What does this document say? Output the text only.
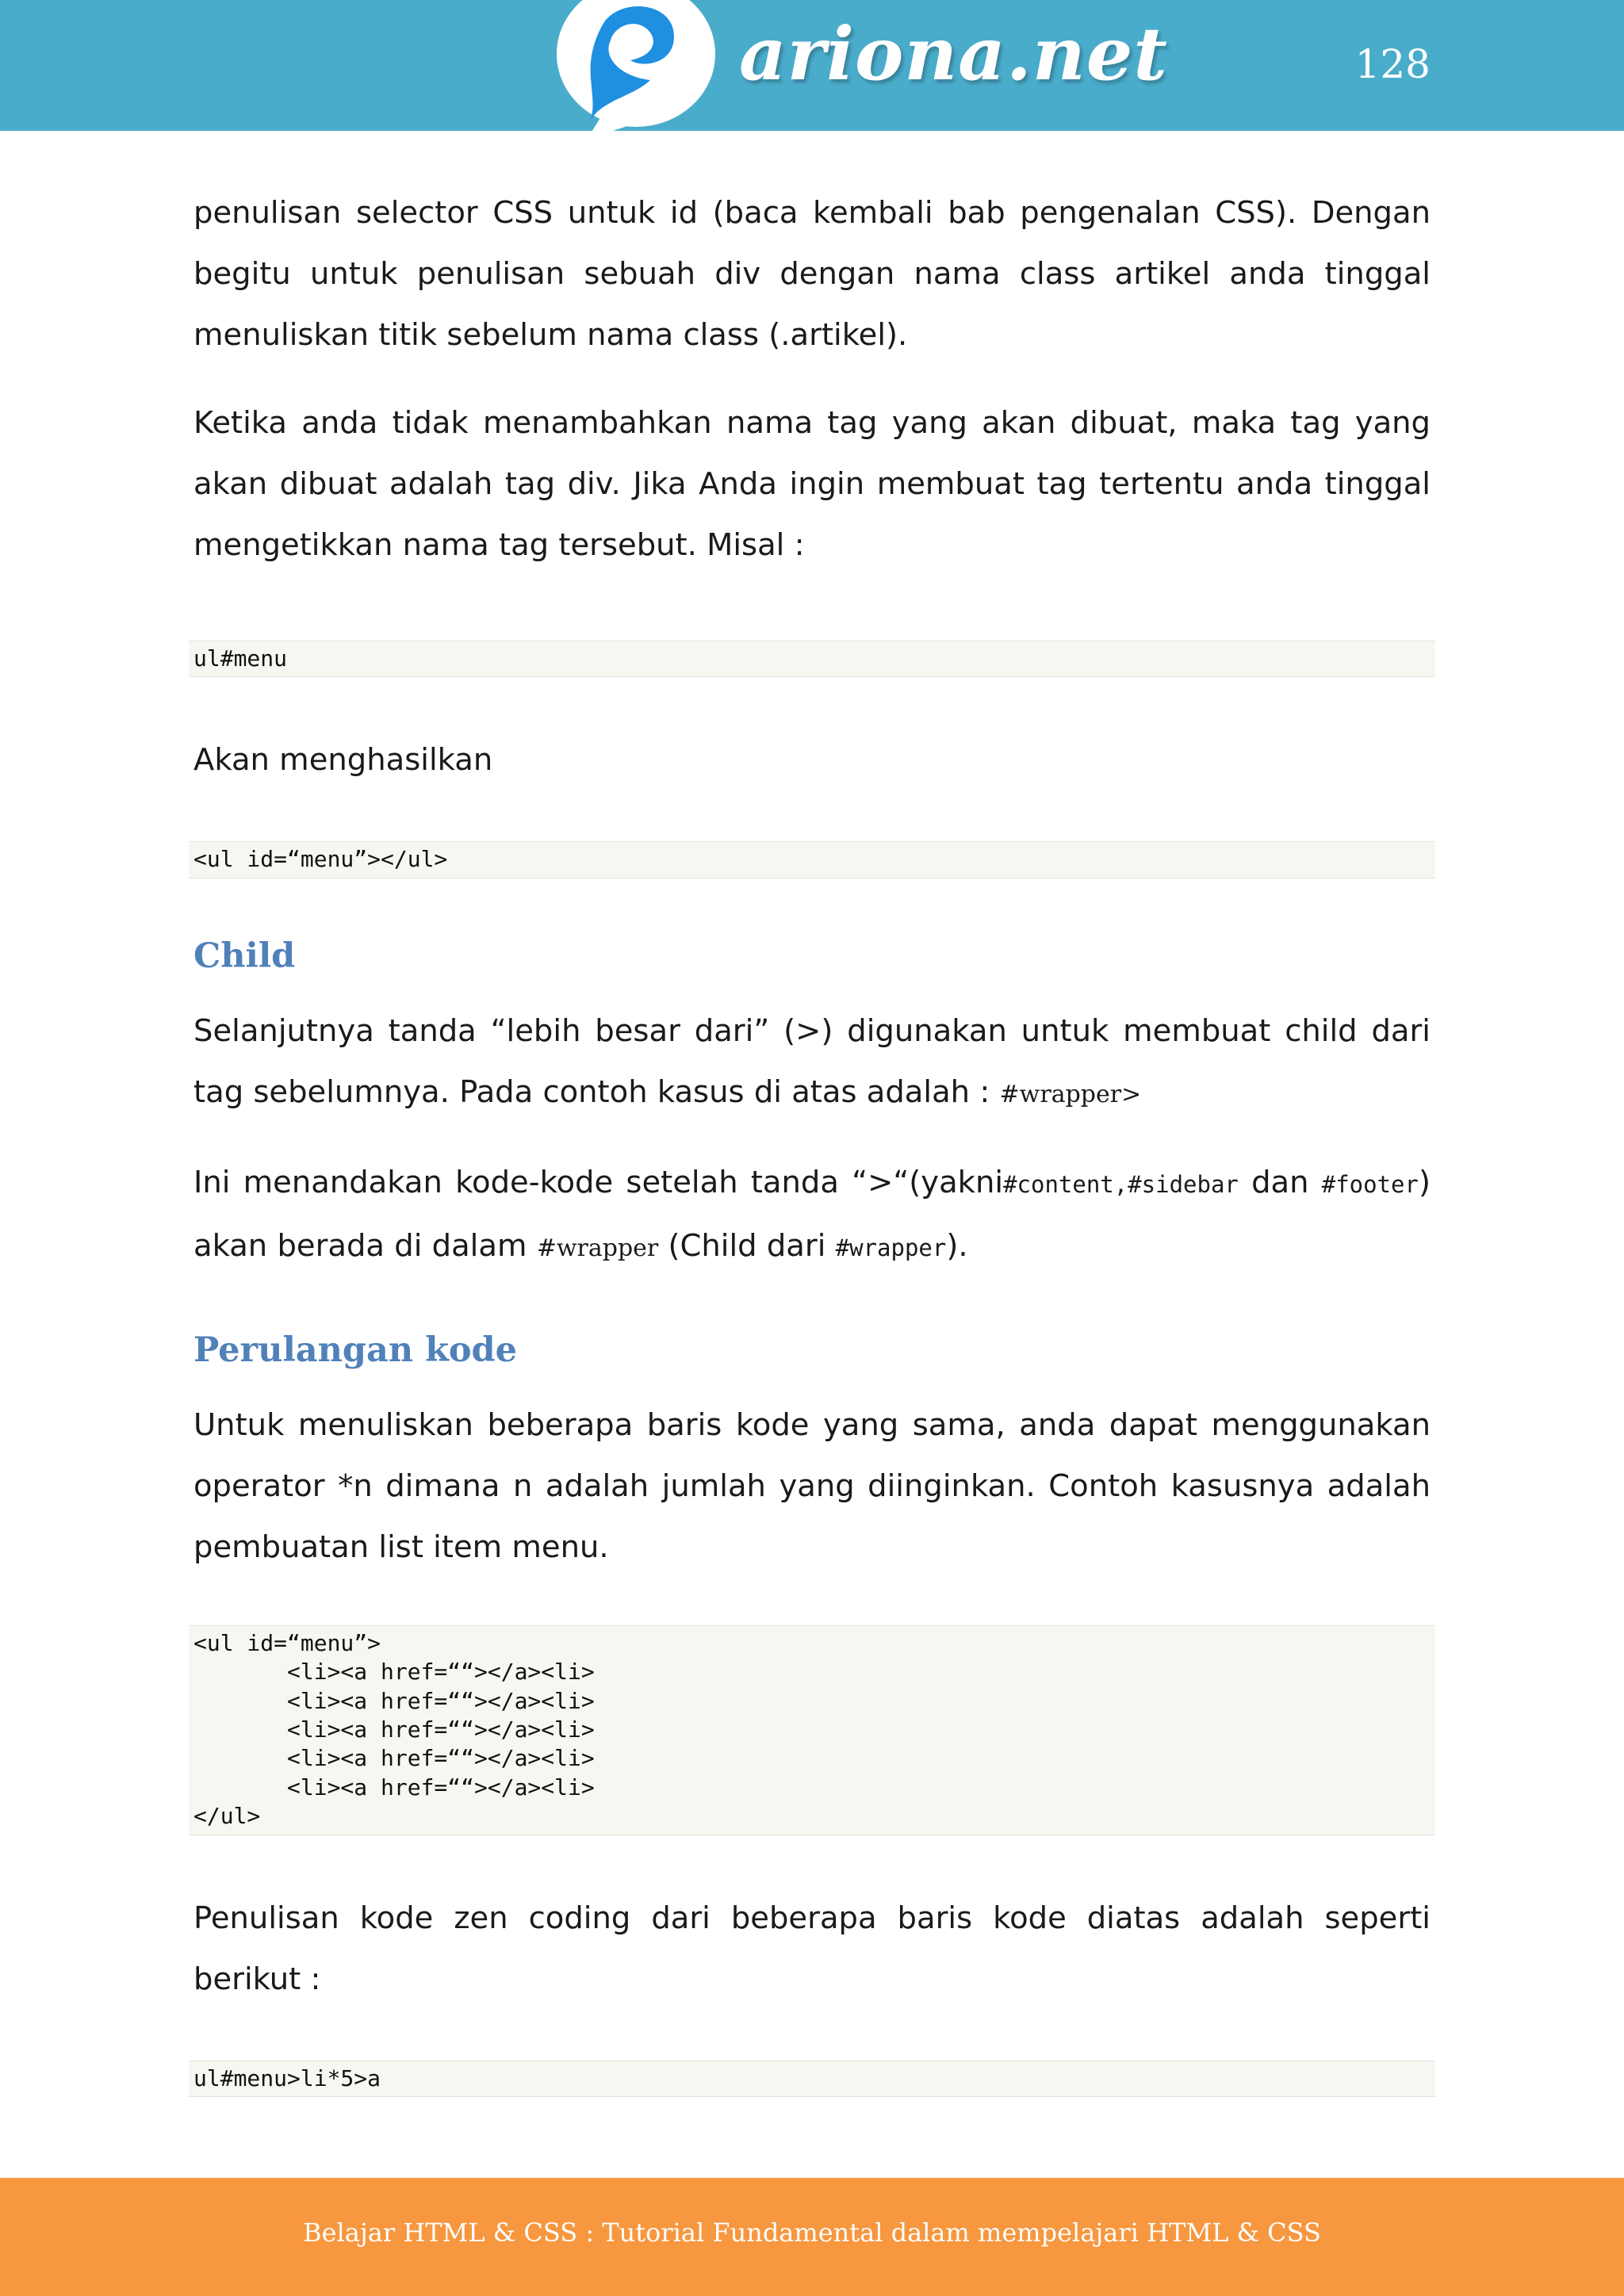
ariona.net	128

penulisan selector CSS untuk id (baca kembali bab pengenalan CSS). Dengan begitu untuk penulisan sebuah div dengan nama class artikel anda tinggal menuliskan titik sebelum nama class (.artikel).

Ketika anda tidak menambahkan nama tag yang akan dibuat, maka tag yang akan dibuat adalah tag div. Jika Anda ingin membuat tag tertentu anda tinggal mengetikkan nama tag tersebut. Misal :

ul#menu

Akan menghasilkan

<ul id=“menu”></ul>
Child

Selanjutnya tanda “lebih besar dari” (>) digunakan untuk membuat child dari tag sebelumnya. Pada contoh kasus di atas adalah : #wrapper>

Ini menandakan kode-kode setelah tanda “>“(yakni#content,#sidebar dan #footer) akan berada di dalam #wrapper (Child dari #wrapper).

Perulangan kode

Untuk menuliskan beberapa baris kode yang sama, anda dapat menggunakan operator *n dimana n adalah jumlah yang diinginkan. Contoh kasusnya adalah pembuatan list item menu.

<ul id=“menu”>
<li><a href=““></a><li>
<li><a href=““></a><li>
<li><a href=““></a><li>
<li><a href=““></a><li>
<li><a href=““></a><li>
</ul>

Penulisan kode zen coding dari beberapa baris kode diatas adalah seperti berikut :

ul#menu>li*5>a
Belajar HTML & CSS : Tutorial Fundamental dalam mempelajari HTML & CSS
